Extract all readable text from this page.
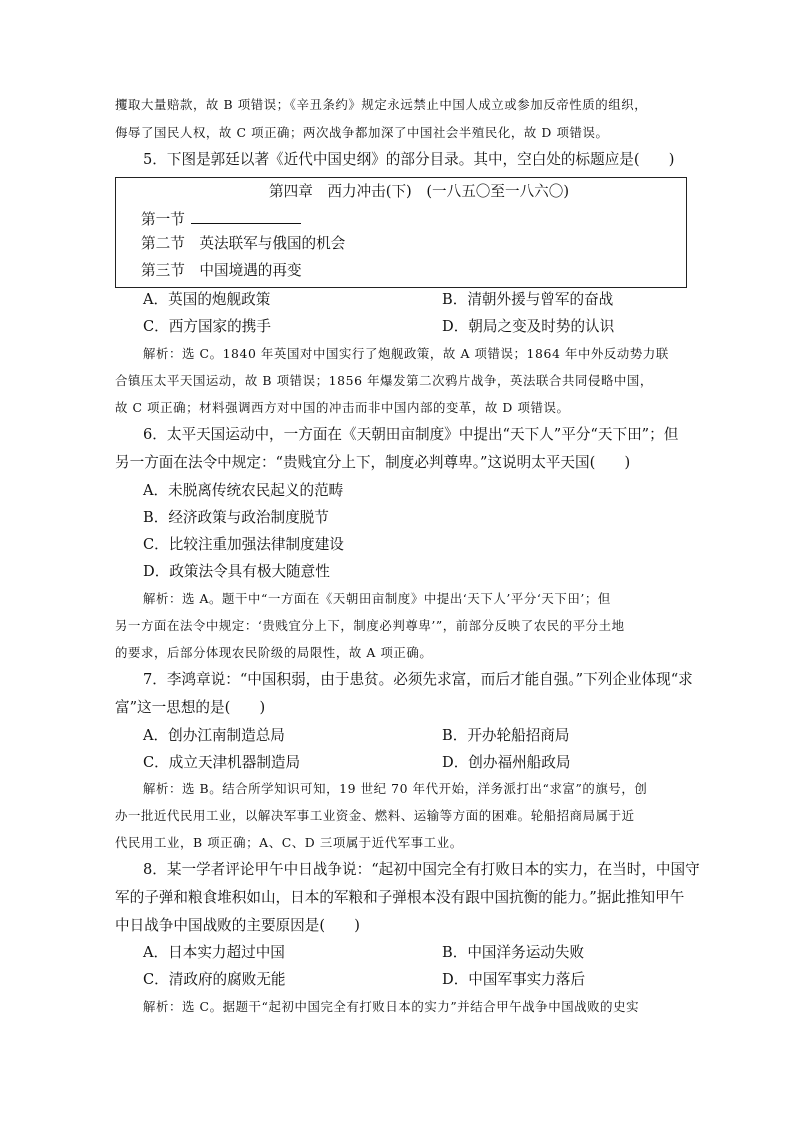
攫取大量赔款，故 B 项错误；《辛丑条约》规定永远禁止中国人成立或参加反帝性质的组织，
侮辱了国民人权，故 C 项正确；两次战争都加深了中国社会半殖民化，故 D 项错误。
5．下图是郭廷以著《近代中国史纲》的部分目录。其中，空白处的标题应是(　　)
第四章　西力冲击(下)　(一八五〇至一八六〇)
第一节
第二节　英法联军与俄国的机会
第三节　中国境遇的再变
A．英国的炮舰政策	B．清朝外援与曾军的奋战
C．西方国家的携手	D．朝局之变及时势的认识
解析：选 C。1840 年英国对中国实行了炮舰政策，故 A 项错误；1864 年中外反动势力联
合镇压太平天国运动，故 B 项错误；1856 年爆发第二次鸦片战争，英法联合共同侵略中国，
故 C 项正确；材料强调西方对中国的冲击而非中国内部的变革，故 D 项错误。
6．太平天国运动中，一方面在《天朝田亩制度》中提出“天下人”平分“天下田”；但
另一方面在法令中规定：“贵贱宜分上下，制度必判尊卑。”这说明太平天国(　　)
A．未脱离传统农民起义的范畴
B．经济政策与政治制度脱节
C．比较注重加强法律制度建设
D．政策法令具有极大随意性
解析：选 A。题干中“一方面在《天朝田亩制度》中提出‘天下人’平分‘天下田’；但
另一方面在法令中规定：‘贵贱宜分上下，制度必判尊卑’”，前部分反映了农民的平分土地
的要求，后部分体现农民阶级的局限性，故 A 项正确。
7．李鸿章说：“中国积弱，由于患贫。必须先求富，而后才能自强。”下列企业体现“求
富”这一思想的是(　　)
A．创办江南制造总局	B．开办轮船招商局
C．成立天津机器制造局	D．创办福州船政局
解析：选 B。结合所学知识可知，19 世纪 70 年代开始，洋务派打出“求富”的旗号，创
办一批近代民用工业，以解决军事工业资金、燃料、运输等方面的困难。轮船招商局属于近
代民用工业，B 项正确；A、C、D 三项属于近代军事工业。
8．某一学者评论甲午中日战争说：“起初中国完全有打败日本的实力，在当时，中国守
军的子弹和粮食堆积如山，日本的军粮和子弹根本没有跟中国抗衡的能力。”据此推知甲午
中日战争中国战败的主要原因是(　　)
A．日本实力超过中国	B．中国洋务运动失败
C．清政府的腐败无能	D．中国军事实力落后
解析：选 C。据题干“起初中国完全有打败日本的实力”并结合甲午战争中国战败的史实
